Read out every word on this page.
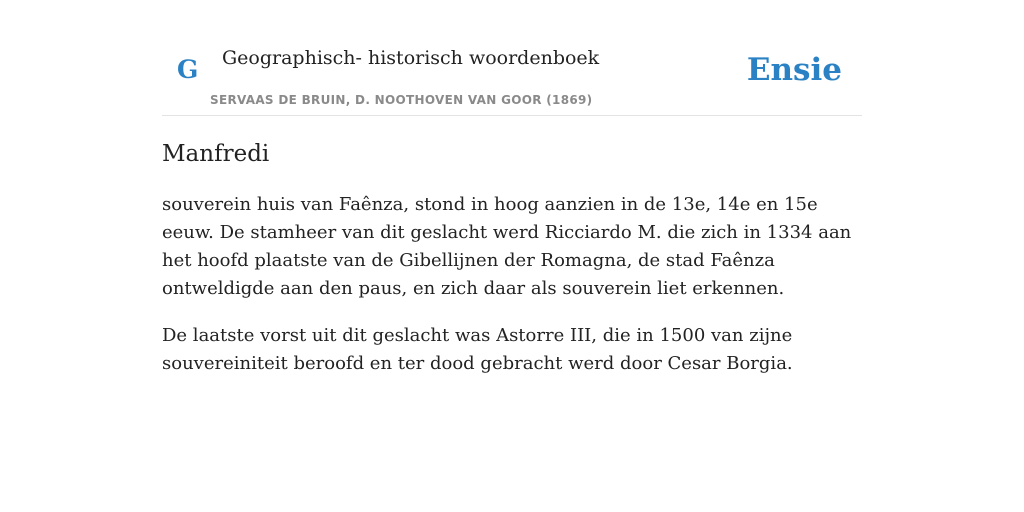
G Geographisch- historisch woordenboek
SERVAAS DE BRUIN, D. NOOTHOVEN VAN GOOR (1869)
Ensie
Manfredi

souverein huis van Faênza, stond in hoog aanzien in de 13e, 14e en 15e eeuw. De stamheer van dit geslacht werd Ricciardo M. die zich in 1334 aan het hoofd plaatste van de Gibellijnen der Romagna, de stad Faênza ontweldigde aan den paus, en zich daar als souverein liet erkennen.

De laatste vorst uit dit geslacht was Astorre III, die in 1500 van zijne souvereiniteit beroofd en ter dood gebracht werd door Cesar Borgia.
